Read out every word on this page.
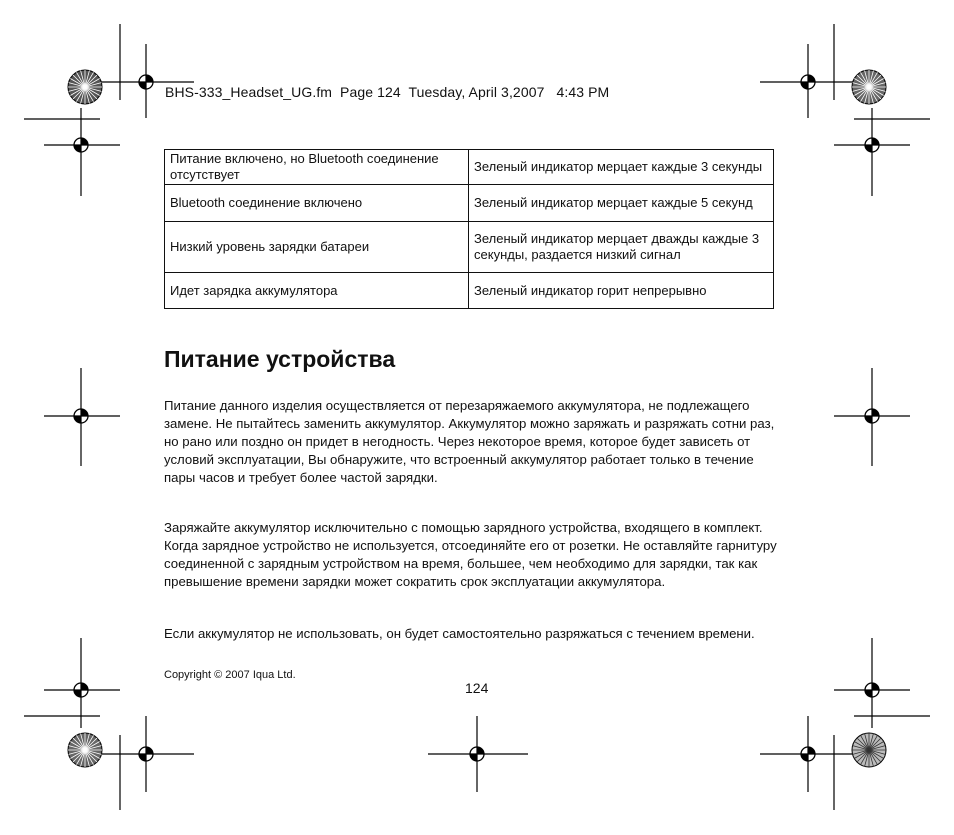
BHS-333_Headset_UG.fm  Page 124  Tuesday, April 3,2007   4:43 PM
Питание включено, но Bluetooth соединение отсутствует	Зеленый индикатор мерцает каждые 3 секунды
Bluetooth соединение включено	Зеленый индикатор мерцает каждые 5 секунд
Низкий уровень зарядки батареи	Зеленый индикатор мерцает дважды каждые 3 секунды, раздается низкий сигнал
Идет зарядка аккумулятора	Зеленый индикатор горит непрерывно
Питание устройства

Питание данного изделия осуществляется от перезаряжаемого аккумулятора, не подлежащего замене. Не пытайтесь заменить аккумулятор. Аккумулятор можно заряжать и разряжать сотни раз, но рано или поздно он придет в негодность. Через некоторое время, которое будет зависеть от условий эксплуатации, Вы обнаружите, что встроенный аккумулятор работает только в течение пары часов и требует более частой зарядки.

Заряжайте аккумулятор исключительно с помощью зарядного устройства, входящего в комплект. Когда зарядное устройство не используется, отсоединяйте его от розетки. Не оставляйте гарнитуру соединенной с зарядным устройством на время, большее, чем необходимо для зарядки, так как превышение времени зарядки может сократить срок эксплуатации аккумулятора.

Если аккумулятор не использовать, он будет самостоятельно разряжаться с течением времени.

Copyright © 2007 Iqua Ltd.
124
